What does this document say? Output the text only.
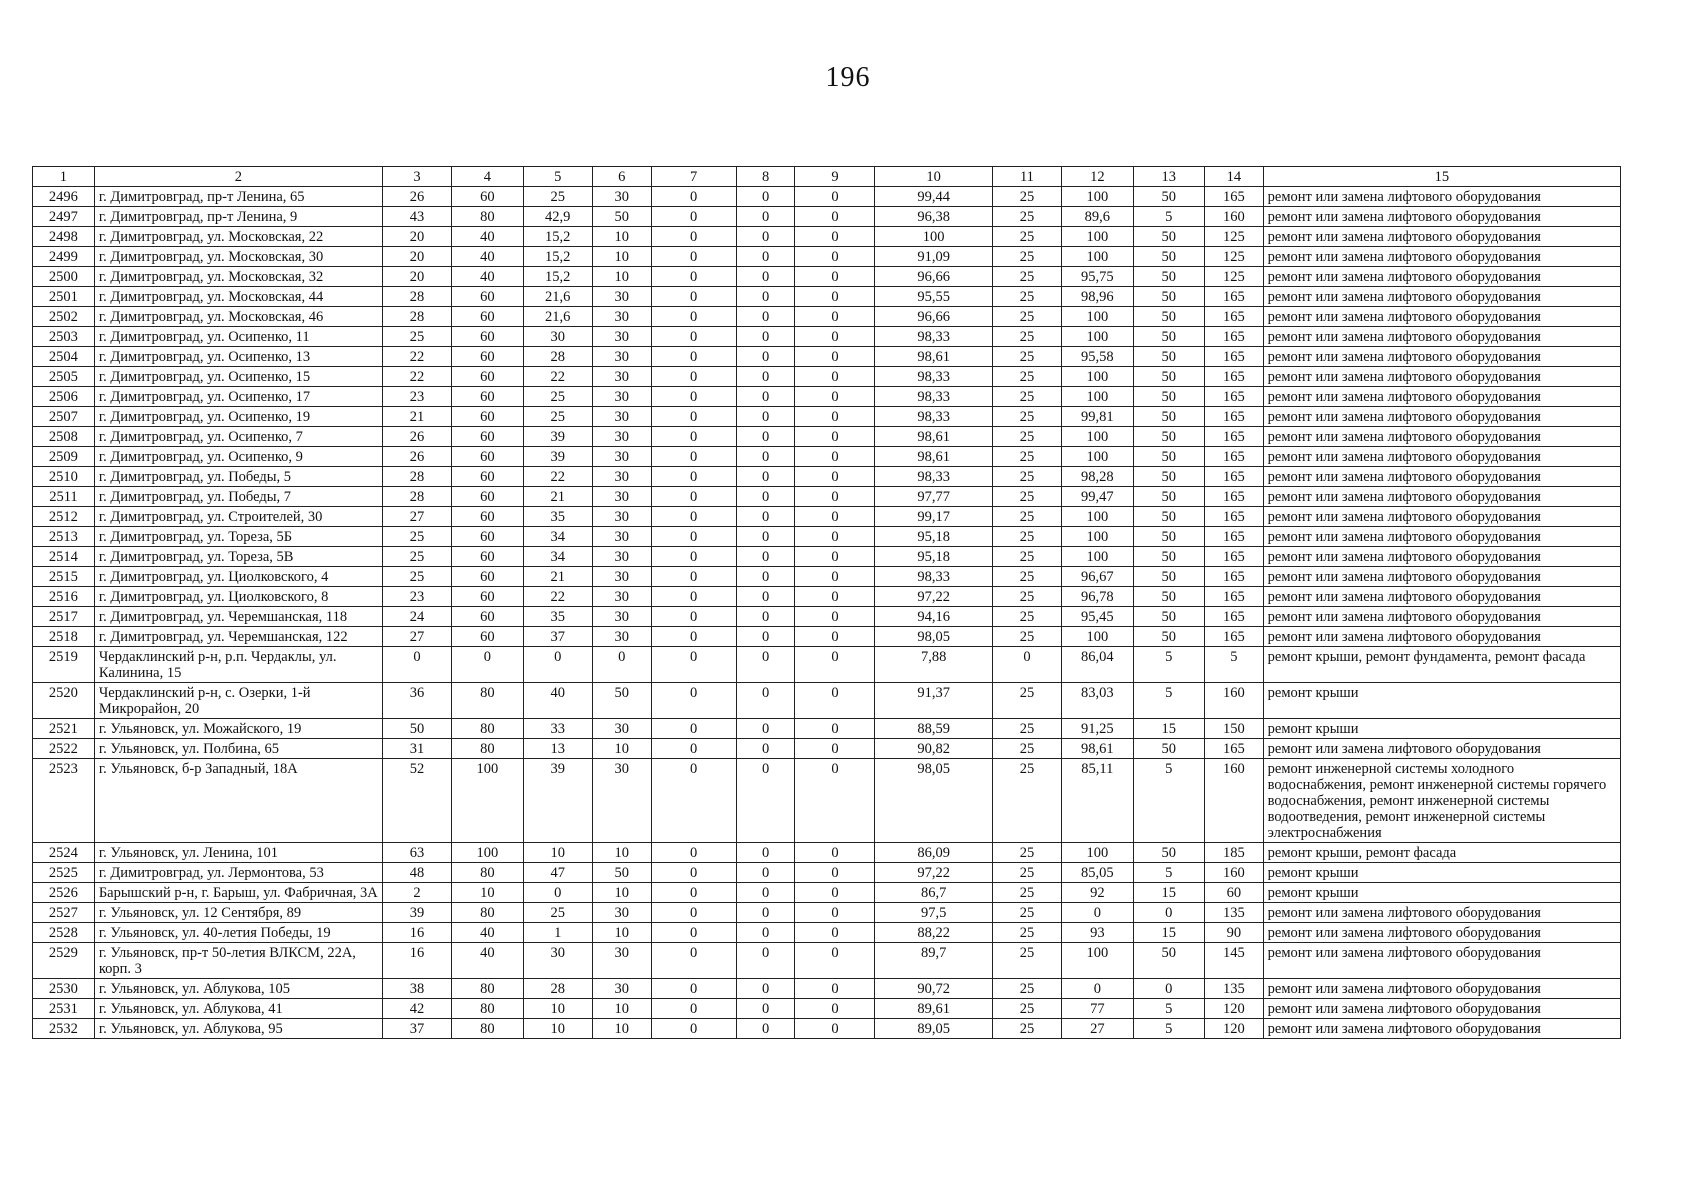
196
1	2	3	4	5	6	7	8	9	10	11	12	13	14	15
2496	г. Димитровград, пр-т Ленина, 65	26	60	25	30	0	0	0	99,44	25	100	50	165	ремонт или замена лифтового оборудования
2497	г. Димитровград, пр-т Ленина, 9	43	80	42,9	50	0	0	0	96,38	25	89,6	5	160	ремонт или замена лифтового оборудования
2498	г. Димитровград, ул. Московская, 22	20	40	15,2	10	0	0	0	100	25	100	50	125	ремонт или замена лифтового оборудования
2499	г. Димитровград, ул. Московская, 30	20	40	15,2	10	0	0	0	91,09	25	100	50	125	ремонт или замена лифтового оборудования
2500	г. Димитровград, ул. Московская, 32	20	40	15,2	10	0	0	0	96,66	25	95,75	50	125	ремонт или замена лифтового оборудования
2501	г. Димитровград, ул. Московская, 44	28	60	21,6	30	0	0	0	95,55	25	98,96	50	165	ремонт или замена лифтового оборудования
2502	г. Димитровград, ул. Московская, 46	28	60	21,6	30	0	0	0	96,66	25	100	50	165	ремонт или замена лифтового оборудования
2503	г. Димитровград, ул. Осипенко, 11	25	60	30	30	0	0	0	98,33	25	100	50	165	ремонт или замена лифтового оборудования
2504	г. Димитровград, ул. Осипенко, 13	22	60	28	30	0	0	0	98,61	25	95,58	50	165	ремонт или замена лифтового оборудования
2505	г. Димитровград, ул. Осипенко, 15	22	60	22	30	0	0	0	98,33	25	100	50	165	ремонт или замена лифтового оборудования
2506	г. Димитровград, ул. Осипенко, 17	23	60	25	30	0	0	0	98,33	25	100	50	165	ремонт или замена лифтового оборудования
2507	г. Димитровград, ул. Осипенко, 19	21	60	25	30	0	0	0	98,33	25	99,81	50	165	ремонт или замена лифтового оборудования
2508	г. Димитровград, ул. Осипенко, 7	26	60	39	30	0	0	0	98,61	25	100	50	165	ремонт или замена лифтового оборудования
2509	г. Димитровград, ул. Осипенко, 9	26	60	39	30	0	0	0	98,61	25	100	50	165	ремонт или замена лифтового оборудования
2510	г. Димитровград, ул. Победы, 5	28	60	22	30	0	0	0	98,33	25	98,28	50	165	ремонт или замена лифтового оборудования
2511	г. Димитровград, ул. Победы, 7	28	60	21	30	0	0	0	97,77	25	99,47	50	165	ремонт или замена лифтового оборудования
2512	г. Димитровград, ул. Строителей, 30	27	60	35	30	0	0	0	99,17	25	100	50	165	ремонт или замена лифтового оборудования
2513	г. Димитровград, ул. Тореза, 5Б	25	60	34	30	0	0	0	95,18	25	100	50	165	ремонт или замена лифтового оборудования
2514	г. Димитровград, ул. Тореза, 5В	25	60	34	30	0	0	0	95,18	25	100	50	165	ремонт или замена лифтового оборудования
2515	г. Димитровград, ул. Циолковского, 4	25	60	21	30	0	0	0	98,33	25	96,67	50	165	ремонт или замена лифтового оборудования
2516	г. Димитровград, ул. Циолковского, 8	23	60	22	30	0	0	0	97,22	25	96,78	50	165	ремонт или замена лифтового оборудования
2517	г. Димитровград, ул. Черемшанская, 118	24	60	35	30	0	0	0	94,16	25	95,45	50	165	ремонт или замена лифтового оборудования
2518	г. Димитровград, ул. Черемшанская, 122	27	60	37	30	0	0	0	98,05	25	100	50	165	ремонт или замена лифтового оборудования
2519	Чердаклинский р-н, р.п. Чердаклы, ул. Калинина, 15	0	0	0	0	0	0	0	7,88	0	86,04	5	5	ремонт крыши, ремонт фундамента, ремонт фасада
2520	Чердаклинский р-н, с. Озерки, 1-й Микрорайон, 20	36	80	40	50	0	0	0	91,37	25	83,03	5	160	ремонт крыши
2521	г. Ульяновск, ул. Можайского, 19	50	80	33	30	0	0	0	88,59	25	91,25	15	150	ремонт крыши
2522	г. Ульяновск, ул. Полбина, 65	31	80	13	10	0	0	0	90,82	25	98,61	50	165	ремонт или замена лифтового оборудования
2523	г. Ульяновск, б-р Западный, 18А	52	100	39	30	0	0	0	98,05	25	85,11	5	160	ремонт инженерной системы холодного водоснабжения, ремонт инженерной системы горячего водоснабжения, ремонт инженерной системы водоотведения, ремонт инженерной системы электроснабжения
2524	г. Ульяновск, ул. Ленина, 101	63	100	10	10	0	0	0	86,09	25	100	50	185	ремонт крыши, ремонт фасада
2525	г. Димитровград, ул. Лермонтова, 53	48	80	47	50	0	0	0	97,22	25	85,05	5	160	ремонт крыши
2526	Барышский р-н, г. Барыш, ул. Фабричная, 3А	2	10	0	10	0	0	0	86,7	25	92	15	60	ремонт крыши
2527	г. Ульяновск, ул. 12 Сентября, 89	39	80	25	30	0	0	0	97,5	25	0	0	135	ремонт или замена лифтового оборудования
2528	г. Ульяновск, ул. 40-летия Победы, 19	16	40	1	10	0	0	0	88,22	25	93	15	90	ремонт или замена лифтового оборудования
2529	г. Ульяновск, пр-т 50-летия ВЛКСМ, 22А, корп. 3	16	40	30	30	0	0	0	89,7	25	100	50	145	ремонт или замена лифтового оборудования
2530	г. Ульяновск, ул. Аблукова, 105	38	80	28	30	0	0	0	90,72	25	0	0	135	ремонт или замена лифтового оборудования
2531	г. Ульяновск, ул. Аблукова, 41	42	80	10	10	0	0	0	89,61	25	77	5	120	ремонт или замена лифтового оборудования
2532	г. Ульяновск, ул. Аблукова, 95	37	80	10	10	0	0	0	89,05	25	27	5	120	ремонт или замена лифтового оборудования
